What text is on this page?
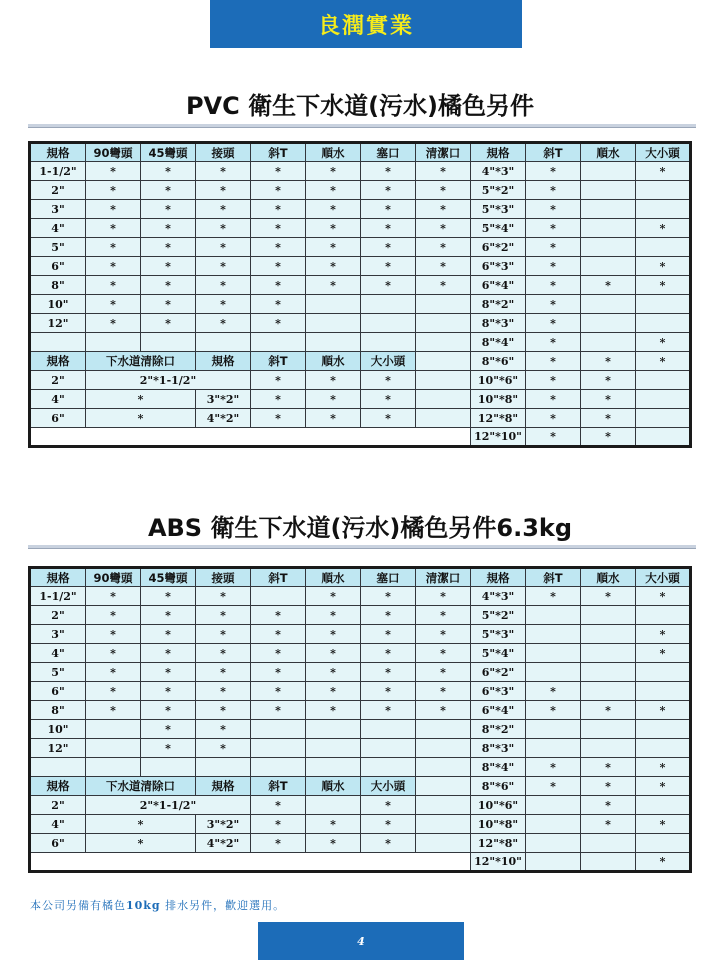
良潤實業
PVC 衛生下水道(污水)橘色另件
規格	90彎頭	45彎頭	接頭	斜T	順水	塞口	清潔口	規格	斜T	順水	大小頭
1-1/2"	*	*	*	*	*	*	*	4"*3"	*		*
2"	*	*	*	*	*	*	*	5"*2"	*		
3"	*	*	*	*	*	*	*	5"*3"	*		
4"	*	*	*	*	*	*	*	5"*4"	*		*
5"	*	*	*	*	*	*	*	6"*2"	*		
6"	*	*	*	*	*	*	*	6"*3"	*		*
8"	*	*	*	*	*	*	*	6"*4"	*	*	*
10"	*	*	*	*				8"*2"	*		
12"	*	*	*	*				8"*3"	*		
								8"*4"	*		*
規格	下水道清除口		規格	斜T	順水	大小頭		8"*6"	*	*	*
2"	2"*1-1/2"			*	*	*		10"*6"	*	*	
4"	*		3"*2"	*	*	*		10"*8"	*	*	
6"	*		4"*2"	*	*	*		12"*8"	*	*	
								12"*10"	*	*	
ABS 衛生下水道(污水)橘色另件6.3kg
規格	90彎頭	45彎頭	接頭	斜T	順水	塞口	清潔口	規格	斜T	順水	大小頭
1-1/2"	*	*	*		*	*	*	4"*3"	*	*	*
2"	*	*	*	*	*	*	*	5"*2"			
3"	*	*	*	*	*	*	*	5"*3"			*
4"	*	*	*	*	*	*	*	5"*4"			*
5"	*	*	*	*	*	*	*	6"*2"			
6"	*	*	*	*	*	*	*	6"*3"	*		
8"	*	*	*	*	*	*	*	6"*4"	*	*	*
10"		*	*					8"*2"			
12"		*	*					8"*3"			
								8"*4"	*	*	*
規格	下水道清除口		規格	斜T	順水	大小頭		8"*6"	*	*	*
2"	2"*1-1/2"			*		*		10"*6"		*	
4"	*		3"*2"	*	*	*		10"*8"		*	*
6"	*		4"*2"	*	*	*		12"*8"			
								12"*10"			*
本公司另備有橘色10kg 排水另件，歡迎選用。
4
